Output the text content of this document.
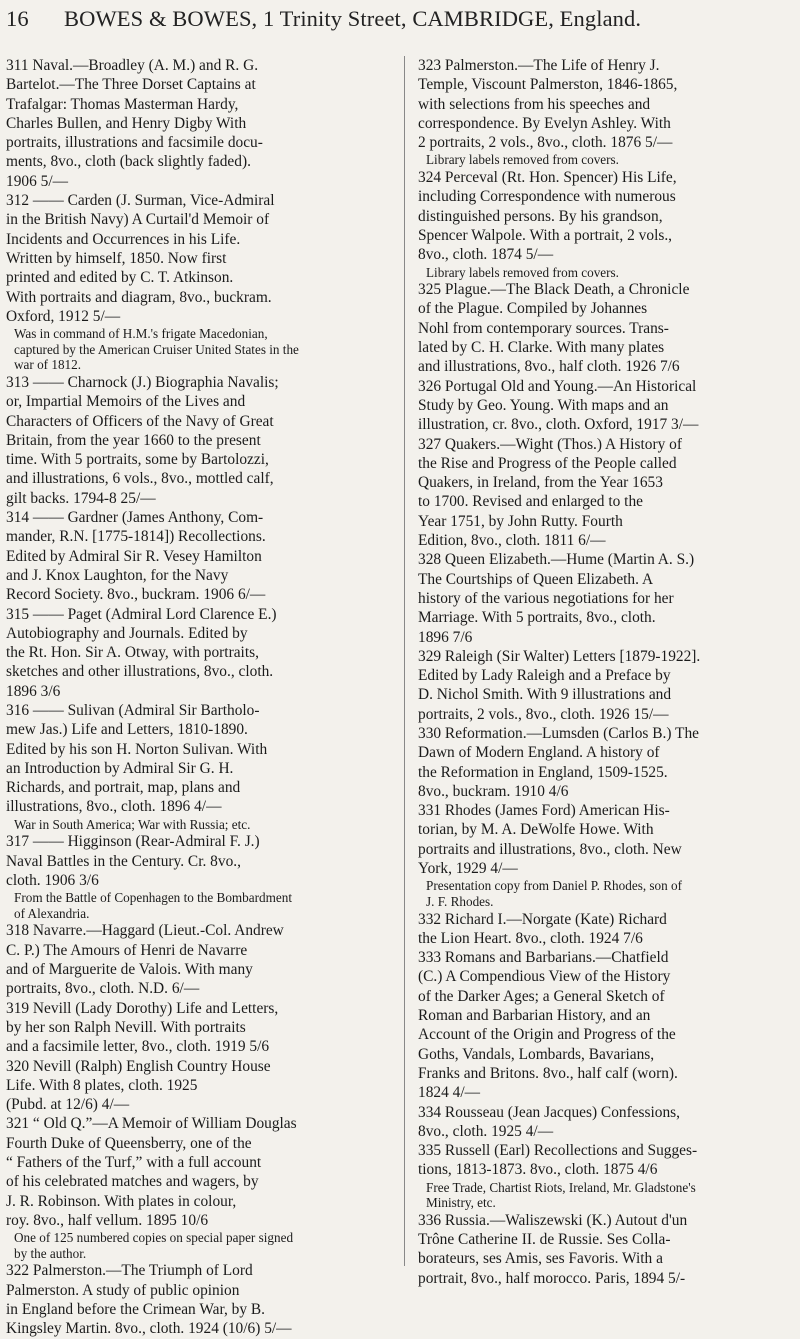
16 BOWES & BOWES, 1 Trinity Street, CAMBRIDGE, England.
311 Naval.—Broadley (A. M.) and R. G.
Bartelot.—The Three Dorset Captains at
Trafalgar: Thomas Masterman Hardy,
Charles Bullen, and Henry Digby With
portraits, illustrations and facsimile docu-
ments, 8vo., cloth (back slightly faded).
1906 5/—
312 —— Carden (J. Surman, Vice-Admiral
in the British Navy) A Curtail'd Memoir of
Incidents and Occurrences in his Life.
Written by himself, 1850. Now first
printed and edited by C. T. Atkinson.
With portraits and diagram, 8vo., buckram.
Oxford, 1912 5/—
Was in command of H.M.'s frigate Macedonian,
captured by the American Cruiser United States in the
war of 1812.
313 —— Charnock (J.) Biographia Navalis;
or, Impartial Memoirs of the Lives and
Characters of Officers of the Navy of Great
Britain, from the year 1660 to the present
time. With 5 portraits, some by Bartolozzi,
and illustrations, 6 vols., 8vo., mottled calf,
gilt backs. 1794-8 25/—
314 —— Gardner (James Anthony, Com-
mander, R.N. [1775-1814]) Recollections.
Edited by Admiral Sir R. Vesey Hamilton
and J. Knox Laughton, for the Navy
Record Society. 8vo., buckram. 1906 6/—
315 —— Paget (Admiral Lord Clarence E.)
Autobiography and Journals. Edited by
the Rt. Hon. Sir A. Otway, with portraits,
sketches and other illustrations, 8vo., cloth.
1896 3/6
316 —— Sulivan (Admiral Sir Bartholo-
mew Jas.) Life and Letters, 1810-1890.
Edited by his son H. Norton Sulivan. With
an Introduction by Admiral Sir G. H.
Richards, and portrait, map, plans and
illustrations, 8vo., cloth. 1896 4/—
War in South America; War with Russia; etc.
317 —— Higginson (Rear-Admiral F. J.)
Naval Battles in the Century. Cr. 8vo.,
cloth. 1906 3/6
From the Battle of Copenhagen to the Bombardment
of Alexandria.
318 Navarre.—Haggard (Lieut.-Col. Andrew
C. P.) The Amours of Henri de Navarre
and of Marguerite de Valois. With many
portraits, 8vo., cloth. N.D. 6/—
319 Nevill (Lady Dorothy) Life and Letters,
by her son Ralph Nevill. With portraits
and a facsimile letter, 8vo., cloth. 1919 5/6
320 Nevill (Ralph) English Country House
Life. With 8 plates, cloth. 1925
(Pubd. at 12/6) 4/—
321 “ Old Q.”—A Memoir of William Douglas
Fourth Duke of Queensberry, one of the
“ Fathers of the Turf,” with a full account
of his celebrated matches and wagers, by
J. R. Robinson. With plates in colour,
roy. 8vo., half vellum. 1895 10/6
One of 125 numbered copies on special paper signed
by the author.
322 Palmerston.—The Triumph of Lord
Palmerston. A study of public opinion
in England before the Crimean War, by B.
Kingsley Martin. 8vo., cloth. 1924 (10/6) 5/—
323 Palmerston.—The Life of Henry J.
Temple, Viscount Palmerston, 1846-1865,
with selections from his speeches and
correspondence. By Evelyn Ashley. With
2 portraits, 2 vols., 8vo., cloth. 1876 5/—
Library labels removed from covers.
324 Perceval (Rt. Hon. Spencer) His Life,
including Correspondence with numerous
distinguished persons. By his grandson,
Spencer Walpole. With a portrait, 2 vols.,
8vo., cloth. 1874 5/—
Library labels removed from covers.
325 Plague.—The Black Death, a Chronicle
of the Plague. Compiled by Johannes
Nohl from contemporary sources. Trans-
lated by C. H. Clarke. With many plates
and illustrations, 8vo., half cloth. 1926 7/6
326 Portugal Old and Young.—An Historical
Study by Geo. Young. With maps and an
illustration, cr. 8vo., cloth. Oxford, 1917 3/—
327 Quakers.—Wight (Thos.) A History of
the Rise and Progress of the People called
Quakers, in Ireland, from the Year 1653
to 1700. Revised and enlarged to the
Year 1751, by John Rutty. Fourth
Edition, 8vo., cloth. 1811 6/—
328 Queen Elizabeth.—Hume (Martin A. S.)
The Courtships of Queen Elizabeth. A
history of the various negotiations for her
Marriage. With 5 portraits, 8vo., cloth.
1896 7/6
329 Raleigh (Sir Walter) Letters [1879-1922].
Edited by Lady Raleigh and a Preface by
D. Nichol Smith. With 9 illustrations and
portraits, 2 vols., 8vo., cloth. 1926 15/—
330 Reformation.—Lumsden (Carlos B.) The
Dawn of Modern England. A history of
the Reformation in England, 1509-1525.
8vo., buckram. 1910 4/6
331 Rhodes (James Ford) American His-
torian, by M. A. DeWolfe Howe. With
portraits and illustrations, 8vo., cloth. New
York, 1929 4/—
Presentation copy from Daniel P. Rhodes, son of
J. F. Rhodes.
332 Richard I.—Norgate (Kate) Richard
the Lion Heart. 8vo., cloth. 1924 7/6
333 Romans and Barbarians.—Chatfield
(C.) A Compendious View of the History
of the Darker Ages; a General Sketch of
Roman and Barbarian History, and an
Account of the Origin and Progress of the
Goths, Vandals, Lombards, Bavarians,
Franks and Britons. 8vo., half calf (worn).
1824 4/—
334 Rousseau (Jean Jacques) Confessions,
8vo., cloth. 1925 4/—
335 Russell (Earl) Recollections and Sugges-
tions, 1813-1873. 8vo., cloth. 1875 4/6
Free Trade, Chartist Riots, Ireland, Mr. Gladstone's
Ministry, etc.
336 Russia.—Waliszewski (K.) Autout d'un
Trône Catherine II. de Russie. Ses Colla-
borateurs, ses Amis, ses Favoris. With a
portrait, 8vo., half morocco. Paris, 1894 5/-
